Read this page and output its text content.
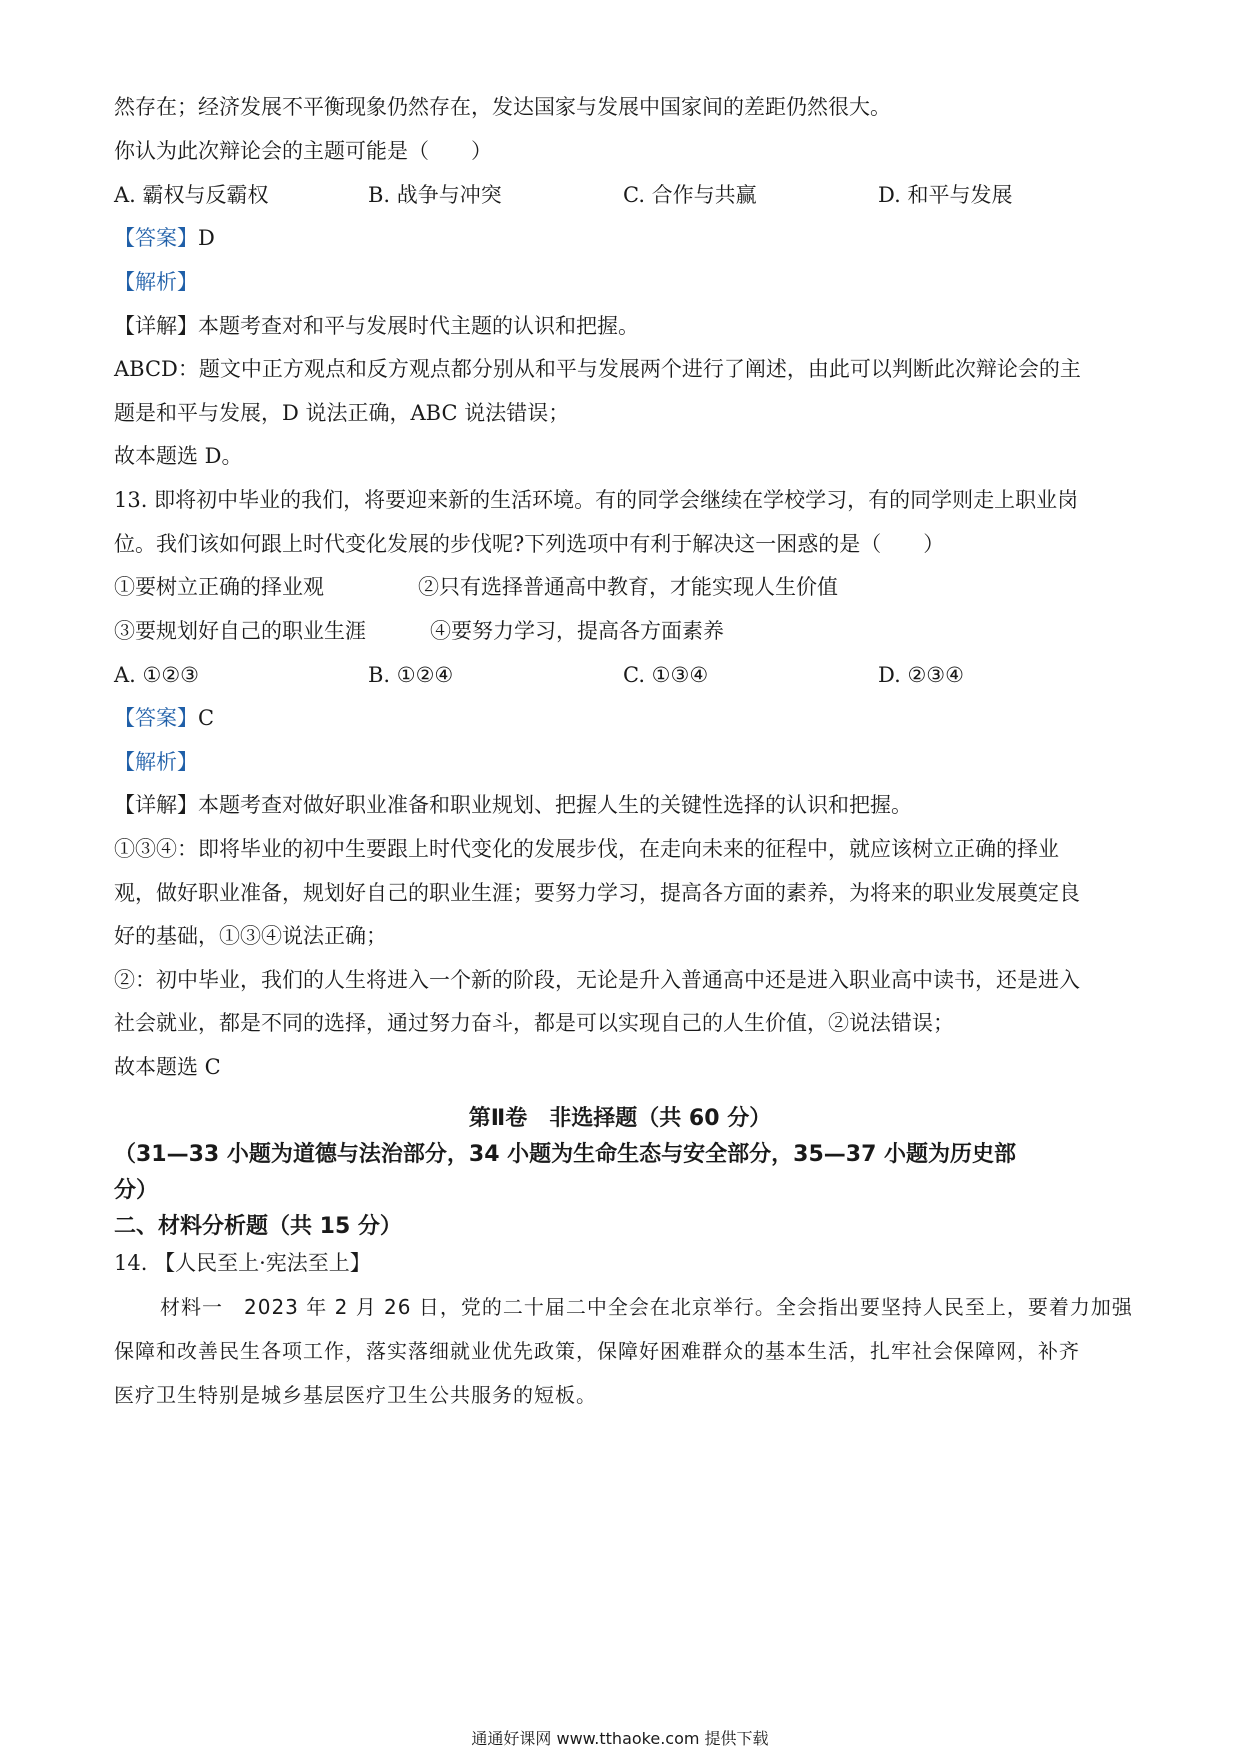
然存在；经济发展不平衡现象仍然存在，发达国家与发展中国家间的差距仍然很大。
你认为此次辩论会的主题可能是（　　）
A. 霸权与反霸权	B. 战争与冲突	C. 合作与共赢	D. 和平与发展
【答案】D
【解析】
【详解】本题考查对和平与发展时代主题的认识和把握。
ABCD：题文中正方观点和反方观点都分别从和平与发展两个进行了阐述，由此可以判断此次辩论会的主
题是和平与发展，D 说法正确，ABC 说法错误；
故本题选 D。
13. 即将初中毕业的我们，将要迎来新的生活环境。有的同学会继续在学校学习，有的同学则走上职业岗
位。我们该如何跟上时代变化发展的步伐呢?下列选项中有利于解决这一困惑的是（　　）
①要树立正确的择业观	②只有选择普通高中教育，才能实现人生价值
③要规划好自己的职业生涯	④要努力学习，提高各方面素养
A. ①②③	B. ①②④	C. ①③④	D. ②③④
【答案】C
【解析】
【详解】本题考查对做好职业准备和职业规划、把握人生的关键性选择的认识和把握。
①③④：即将毕业的初中生要跟上时代变化的发展步伐，在走向未来的征程中，就应该树立正确的择业
观，做好职业准备，规划好自己的职业生涯；要努力学习，提高各方面的素养，为将来的职业发展奠定良
好的基础，①③④说法正确；
②：初中毕业，我们的人生将进入一个新的阶段，无论是升入普通高中还是进入职业高中读书，还是进入
社会就业，都是不同的选择，通过努力奋斗，都是可以实现自己的人生价值，②说法错误；
故本题选 C
第Ⅱ卷　非选择题（共 60 分）
（31—33 小题为道德与法治部分，34 小题为生命生态与安全部分，35—37 小题为历史部
分）
二、材料分析题（共 15 分）
14. 【人民至上·宪法至上】
材料一　2023 年 2 月 26 日，党的二十届二中全会在北京举行。全会指出要坚持人民至上，要着力加强
保障和改善民生各项工作，落实落细就业优先政策，保障好困难群众的基本生活，扎牢社会保障网，补齐
医疗卫生特别是城乡基层医疗卫生公共服务的短板。
通通好课网 www.tthaoke.com 提供下载
